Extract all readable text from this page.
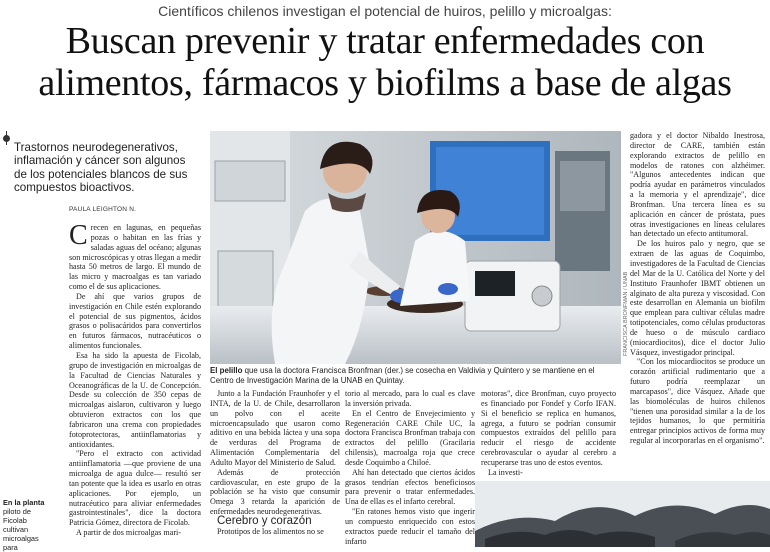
Científicos chilenos investigan el potencial de huiros, pelillo y microalgas:
Buscan prevenir y tratar enfermedades con alimentos, fármacos y biofilms a base de algas
Trastornos neurodegenerativos, inflamación y cáncer son algunos de los potenciales blancos de sus compuestos bioactivos.
PAULA LEIGHTON N.

Crecen en lagunas, en pequeñas pozas o habitan en las frías y saladas aguas del océano; algunas son microscópicas y otras llegan a medir hasta 50 metros de largo. El mundo de las micro y macroalgas es tan variado como el de sus aplicaciones.

De ahí que varios grupos de investigación en Chile estén explorando el potencial de sus pigmentos, ácidos grasos o polisacáridos para convertirlos en futuros fármacos, nutracéuticos o alimentos funcionales.

Esa ha sido la apuesta de Ficolab, grupo de investigación en microalgas de la Facultad de Ciencias Naturales y Oceanográficas de la U. de Concepción. Desde su colección de 350 cepas de microalgas aislaron, cultivaron y luego obtuvieron extractos con los que fabricaron una crema con propiedades fotoprotectoras, antiinflamatorias y antioxidantes.

"Pero el extracto con actividad antiinflamatoria —que proviene de una microalga de agua dulce— resultó ser tan potente que la idea es usarlo en otras aplicaciones. Por ejemplo, un nutracéutico para aliviar enfermedades gastrointestinales", dice la doctora Patricia Gómez, directora de Ficolab.

A partir de dos microalgas mari-

En la planta piloto de Ficolab cultivan microalgas para
FRANCISCA BRONFMAN / UNAB
El pelillo que usa la doctora Francisca Bronfman (der.) se cosecha en Valdivia y Quintero y se mantiene en el Centro de Investigación Marina de la UNAB en Quintay.

Junto a la Fundación Fraunhofer y el INTA, de la U. de Chile, desarrollaron un polvo con el aceite microencapsulado que usaron como aditivo en una bebida láctea y una sopa de verduras del Programa de Alimentación Complementaria del Adulto Mayor del Ministerio de Salud.

Además de protección cardiovascular, en este grupo de la población se ha visto que consumir Omega 3 retarda la aparición de enfermedades neurodegenerativas.

Cerebro y corazón

Prototipos de los alimentos no se

torio al mercado, para lo cual es clave la inversión privada.

En el Centro de Envejecimiento y Regeneración CARE Chile UC, la doctora Francisca Bronfman trabaja con extractos del pelillo (Gracilaria chilensis), macroalga roja que crece desde Coquimbo a Chiloé.

Ahí han detectado que ciertos ácidos grasos tendrían efectos beneficiosos para prevenir o tratar enfermedades. Una de ellas es el infarto cerebral.

"En ratones hemos visto que ingerir un compuesto enriquecido con estos extractos puede reducir el tamaño del infarto

motoras", dice Bronfman, cuyo proyecto es financiado por Fondef y Corfo IFAN. Si el beneficio se replica en humanos, agrega, a futuro se podrían consumir compuestos extraídos del pelillo para reducir el riesgo de accidente cerebrovascular o ayudar al cerebro a recuperarse tras uno de estos eventos.

La investi-

gadora y el doctor Nibaldo Inestrosa, director de CARE, también están explorando extractos de pelillo en modelos de ratones con alzhéimer. "Algunos antecedentes indican que podría ayudar en parámetros vinculados a la memoria y el aprendizaje", dice Bronfman. Una tercera línea es su aplicación en cáncer de próstata, pues otras investigaciones en líneas celulares han detectado un efecto antitumoral.

De los huiros palo y negro, que se extraen de las aguas de Coquimbo, investigadores de la Facultad de Ciencias del Mar de la U. Católica del Norte y del Instituto Fraunhofer IBMT obtienen un alginato de alta pureza y viscosidad. Con este desarrollan en Alemania un biofilm que emplean para cultivar células madre totipotenciales, como células productoras de hueso o de músculo cardiaco (miocardiocitos), dice el doctor Julio Vásquez, investigador principal.

"Con los miocardiocitos se produce un corazón artificial rudimentario que a futuro podría reemplazar un marcapasos", dice Vásquez. Añade que las biomoléculas de huiros chilenos "tienen una porosidad similar a la de los tejidos humanos, lo que permitiría entregar principios activos de forma muy regular al incorporarlas en el organismo".
